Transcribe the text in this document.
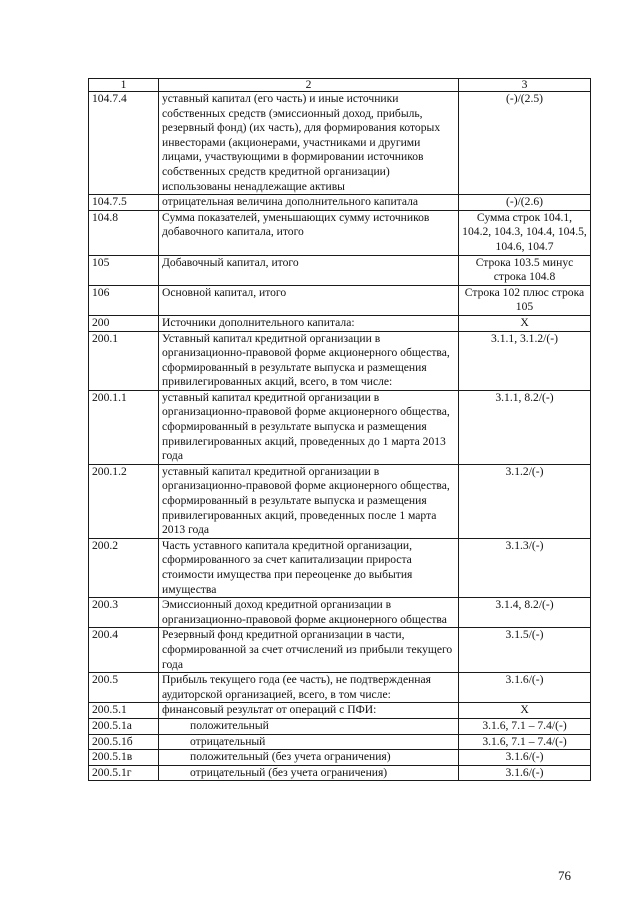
1	2	3
104.7.4	уставный капитал (его часть) и иные источники собственных средств (эмиссионный доход, прибыль, резервный фонд) (их часть), для формирования которых инвесторами (акционерами, участниками и другими лицами, участвующими в формировании источников собственных средств кредитной организации) использованы ненадлежащие активы	(-)/(2.5)
104.7.5	отрицательная величина дополнительного капитала	(-)/(2.6)
104.8	Сумма показателей, уменьшающих сумму источников добавочного капитала, итого	Сумма строк 104.1, 104.2, 104.3, 104.4, 104.5, 104.6, 104.7
105	Добавочный капитал, итого	Строка 103.5 минус строка 104.8
106	Основной капитал, итого	Строка 102 плюс строка 105
200	Источники дополнительного капитала:	X
200.1	Уставный капитал кредитной организации в организационно-правовой форме акционерного общества, сформированный в результате выпуска и размещения привилегированных акций, всего, в том числе:	3.1.1, 3.1.2/(-)
200.1.1	уставный капитал кредитной организации в организационно-правовой форме акционерного общества, сформированный в результате выпуска и размещения привилегированных акций, проведенных до 1 марта 2013 года	3.1.1, 8.2/(-)
200.1.2	уставный капитал кредитной организации в организационно-правовой форме акционерного общества, сформированный в результате выпуска и размещения привилегированных акций, проведенных после 1 марта 2013 года	3.1.2/(-)
200.2	Часть уставного капитала кредитной организации, сформированного за счет капитализации прироста стоимости имущества при переоценке до выбытия имущества	3.1.3/(-)
200.3	Эмиссионный доход кредитной организации в организационно-правовой форме акционерного общества	3.1.4, 8.2/(-)
200.4	Резервный фонд кредитной организации в части, сформированной за счет отчислений из прибыли текущего года	3.1.5/(-)
200.5	Прибыль текущего года (ее часть), не подтвержденная аудиторской организацией, всего, в том числе:	3.1.6/(-)
200.5.1	финансовый результат от операций с ПФИ:	X
200.5.1а	положительный	3.1.6, 7.1 – 7.4/(-)
200.5.1б	отрицательный	3.1.6, 7.1 – 7.4/(-)
200.5.1в	положительный (без учета ограничения)	3.1.6/(-)
200.5.1г	отрицательный (без учета ограничения)	3.1.6/(-)
76
